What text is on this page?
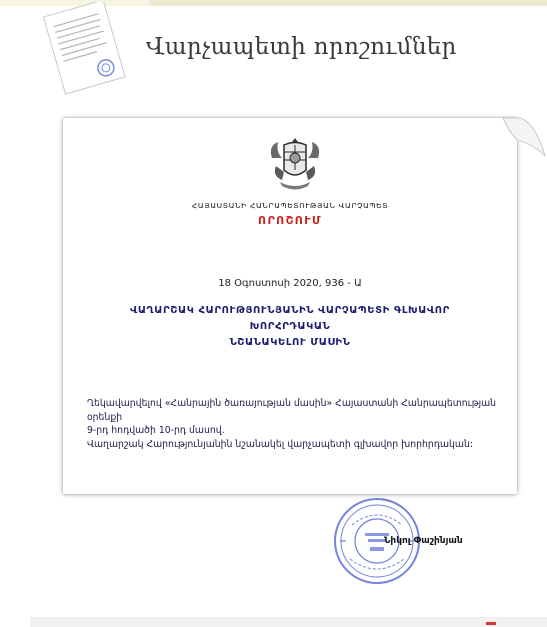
Վարչապետի որոշումներ
ՀԱՅԱՍՏԱՆԻ ՀԱՆՐԱՊԵՏՈՒԹՅԱՆ ՎԱՐՉԱՊԵՏ
ՈՐՈՇՈՒՄ
18 Օգոստոսի 2020, 936 - Ա
ՎԱՂԱՐՇԱԿ ՀԱՐՈՒԹՅՈՒՆՅԱՆԻՆ ՎԱՐՉԱՊԵՏԻ ԳԼԽԱՎՈՐ ԽՈՐՀՐԴԱԿԱՆ
ՆՇԱՆԱԿԵԼՈՒ ՄԱՍԻՆ
Ղեկավարվելով «Հանրային ծառայության մասին» Հայաստանի Հանրապետության օրենքի
9-րդ հոդվածի 10-րդ մասով.
Վաղարշակ Հարությունյանին նշանակել վարչապետի գլխավոր խորհրդական:
Նիկոլ Փաշինյան
